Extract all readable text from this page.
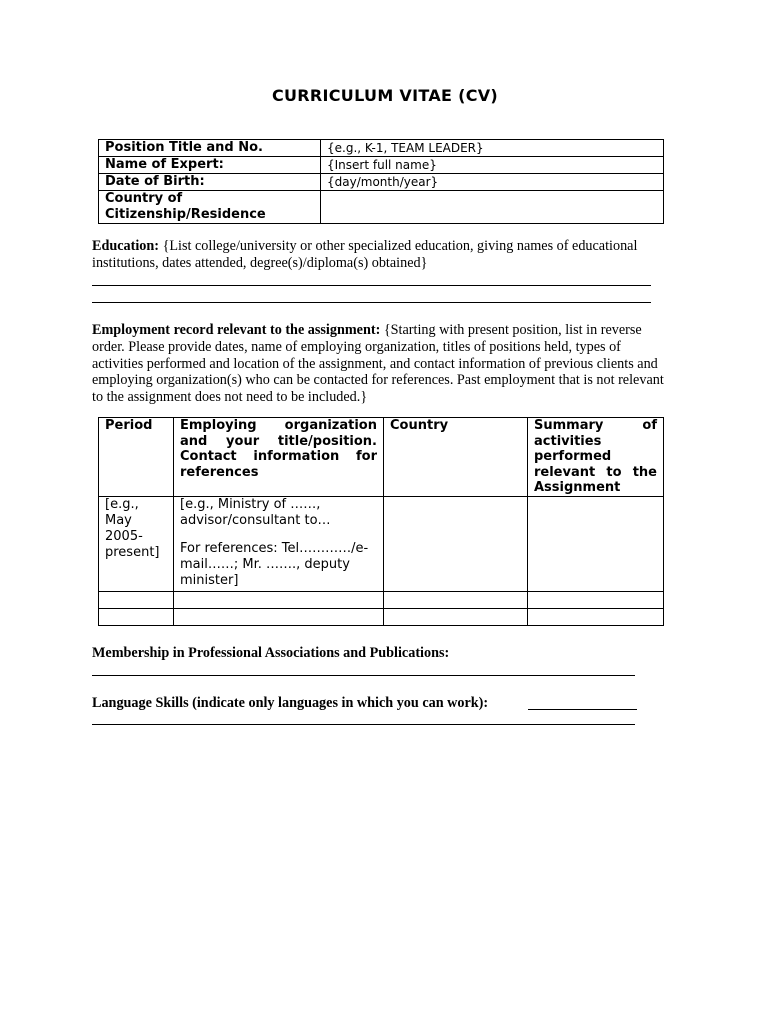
CURRICULUM VITAE (CV)
Position Title and No.	{e.g., K-1, TEAM LEADER}
Name of Expert:	{Insert full name}
Date of Birth:	{day/month/year}
Country of Citizenship/Residence	
Education: {List college/university or other specialized education, giving names of educational institutions, dates attended, degree(s)/diploma(s) obtained}
Employment record relevant to the assignment: {Starting with present position, list in reverse order. Please provide dates, name of employing organization, titles of positions held, types of activities performed and location of the assignment, and contact information of previous clients and employing organization(s) who can be contacted for references. Past employment that is not relevant to the assignment does not need to be included.}
Period	Employing organization and your title/position. Contact information for references	Country	Summary of activities performed relevant to the Assignment
[e.g., May 2005-present]	[e.g., Ministry of ……, advisor/consultant to…
For references: Tel…………/e-mail……; Mr. ……., deputy minister]		

Membership in Professional Associations and Publications:
Language Skills (indicate only languages in which you can work):
